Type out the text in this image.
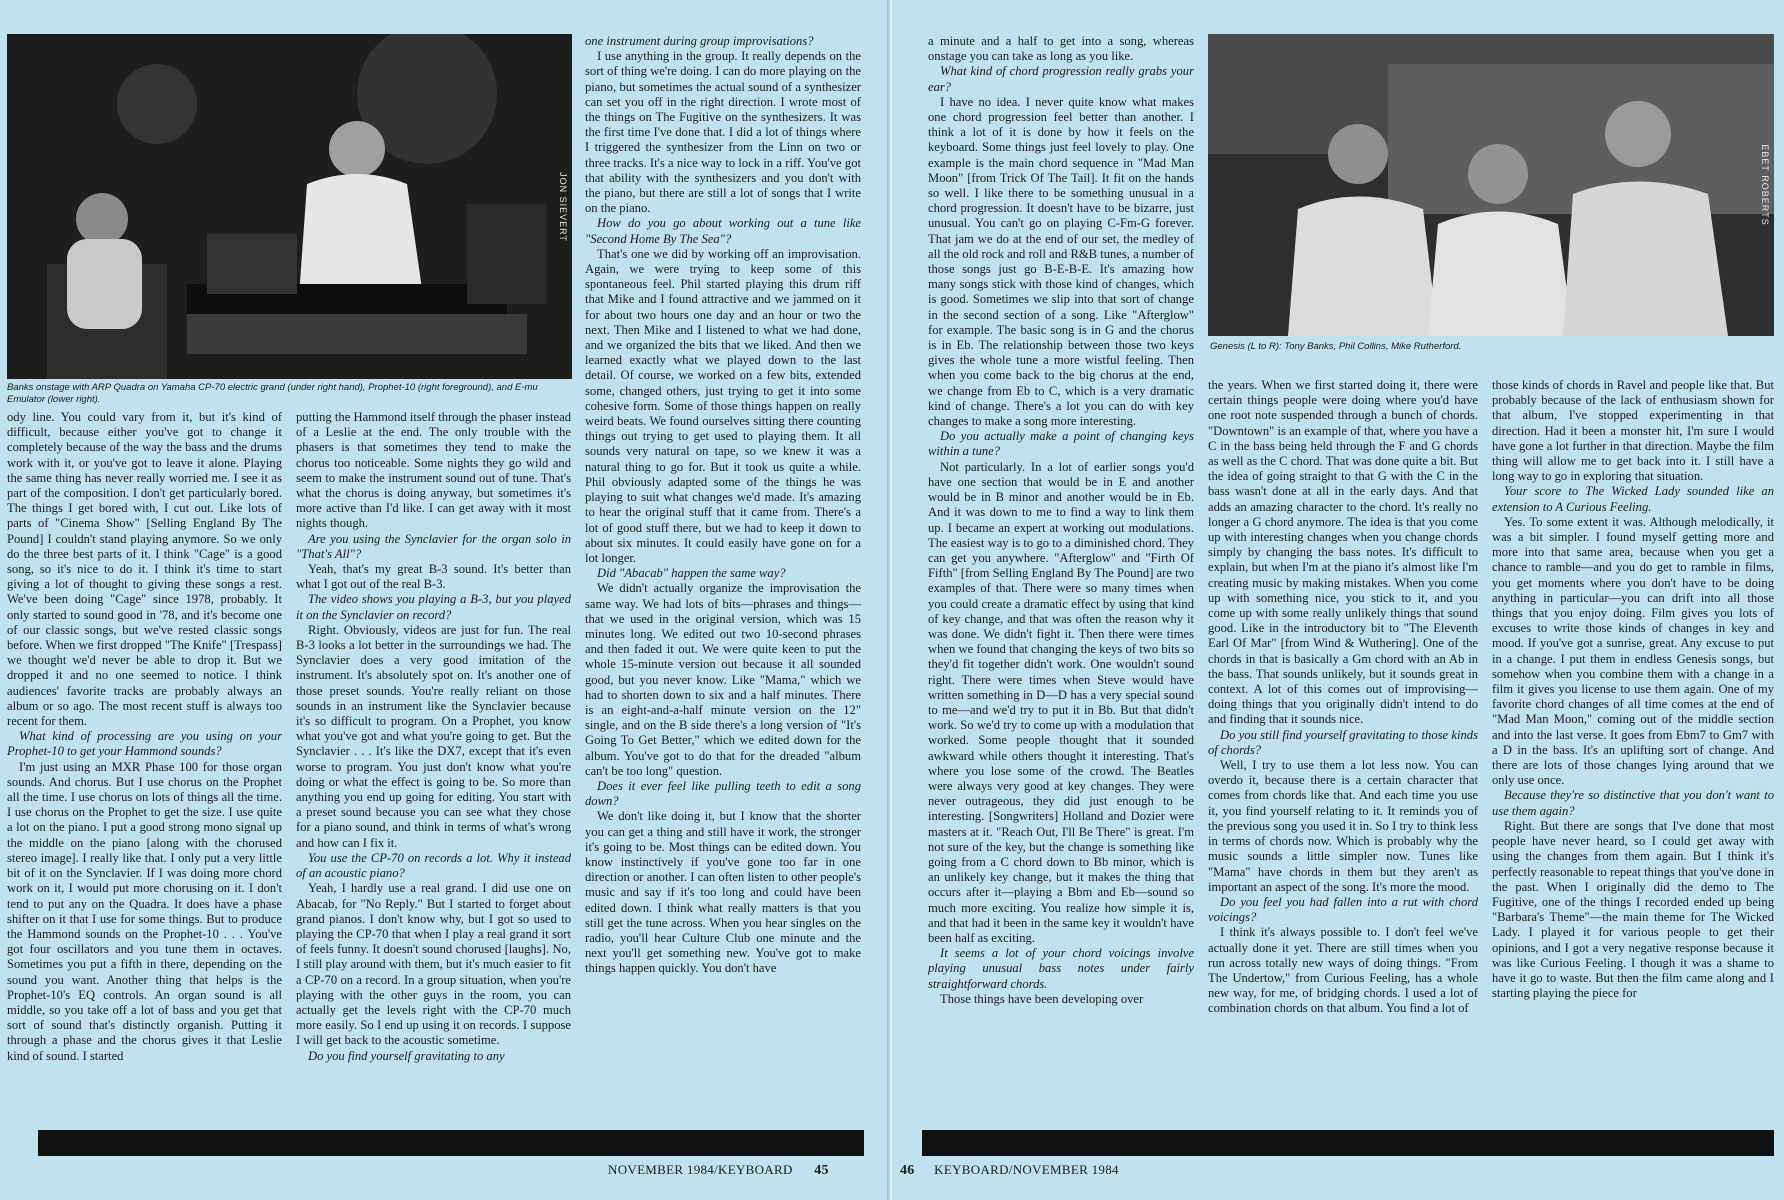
JON SIEVERT
Banks onstage with ARP Quadra on Yamaha CP-70 electric grand (under right hand), Prophet-10 (right foreground), and E-mu Emulator (lower right).

ody line. You could vary from it, but it's kind of difficult, because either you've got to change it completely because of the way the bass and the drums work with it, or you've got to leave it alone. Playing the same thing has never really worried me. I see it as part of the composition. I don't get particularly bored. The things I get bored with, I cut out. Like lots of parts of "Cinema Show" [Selling England By The Pound] I couldn't stand playing anymore. So we only do the three best parts of it. I think "Cage" is a good song, so it's nice to do it. I think it's time to start giving a lot of thought to giving these songs a rest. We've been doing "Cage" since 1978, probably. It only started to sound good in '78, and it's become one of our classic songs, but we've rested classic songs before. When we first dropped "The Knife" [Trespass] we thought we'd never be able to drop it. But we dropped it and no one seemed to notice. I think audiences' favorite tracks are probably always an album or so ago. The most recent stuff is always too recent for them.

What kind of processing are you using on your Prophet-10 to get your Hammond sounds?

I'm just using an MXR Phase 100 for those organ sounds. And chorus. But I use chorus on the Prophet all the time. I use chorus on lots of things all the time. I use chorus on the Prophet to get the size. I use quite a lot on the piano. I put a good strong mono signal up the middle on the piano [along with the chorused stereo image]. I really like that. I only put a very little bit of it on the Synclavier. If I was doing more chord work on it, I would put more chorusing on it. I don't tend to put any on the Quadra. It does have a phase shifter on it that I use for some things. But to produce the Hammond sounds on the Prophet-10 . . . You've got four oscillators and you tune them in octaves. Sometimes you put a fifth in there, depending on the sound you want. Another thing that helps is the Prophet-10's EQ controls. An organ sound is all middle, so you take off a lot of bass and you get that sort of sound that's distinctly organish. Putting it through a phase and the chorus gives it that Leslie kind of sound. I started

putting the Hammond itself through the phaser instead of a Leslie at the end. The only trouble with the phasers is that sometimes they tend to make the chorus too noticeable. Some nights they go wild and seem to make the instrument sound out of tune. That's what the chorus is doing anyway, but sometimes it's more active than I'd like. I can get away with it most nights though.

Are you using the Synclavier for the organ solo in "That's All"?

Yeah, that's my great B-3 sound. It's better than what I got out of the real B-3.

The video shows you playing a B-3, but you played it on the Synclavier on record?

Right. Obviously, videos are just for fun. The real B-3 looks a lot better in the surroundings we had. The Synclavier does a very good imitation of the instrument. It's absolutely spot on. It's another one of those preset sounds. You're really reliant on those sounds in an instrument like the Synclavier because it's so difficult to program. On a Prophet, you know what you've got and what you're going to get. But the Synclavier . . . It's like the DX7, except that it's even worse to program. You just don't know what you're doing or what the effect is going to be. So more than anything you end up going for editing. You start with a preset sound because you can see what they chose for a piano sound, and think in terms of what's wrong and how can I fix it.

You use the CP-70 on records a lot. Why it instead of an acoustic piano?

Yeah, I hardly use a real grand. I did use one on Abacab, for "No Reply." But I started to forget about grand pianos. I don't know why, but I got so used to playing the CP-70 that when I play a real grand it sort of feels funny. It doesn't sound chorused [laughs]. No, I still play around with them, but it's much easier to fit a CP-70 on a record. In a group situation, when you're playing with the other guys in the room, you can actually get the levels right with the CP-70 much more easily. So I end up using it on records. I suppose I will get back to the acoustic sometime.

Do you find yourself gravitating to any

one instrument during group improvisations?

I use anything in the group. It really depends on the sort of thing we're doing. I can do more playing on the piano, but sometimes the actual sound of a synthesizer can set you off in the right direction. I wrote most of the things on The Fugitive on the synthesizers. It was the first time I've done that. I did a lot of things where I triggered the synthesizer from the Linn on two or three tracks. It's a nice way to lock in a riff. You've got that ability with the synthesizers and you don't with the piano, but there are still a lot of songs that I write on the piano.

How do you go about working out a tune like "Second Home By The Sea"?

That's one we did by working off an improvisation. Again, we were trying to keep some of this spontaneous feel. Phil started playing this drum riff that Mike and I found attractive and we jammed on it for about two hours one day and an hour or two the next. Then Mike and I listened to what we had done, and we organized the bits that we liked. And then we learned exactly what we played down to the last detail. Of course, we worked on a few bits, extended some, changed others, just trying to get it into some cohesive form. Some of those things happen on really weird beats. We found ourselves sitting there counting things out trying to get used to playing them. It all sounds very natural on tape, so we knew it was a natural thing to go for. But it took us quite a while. Phil obviously adapted some of the things he was playing to suit what changes we'd made. It's amazing to hear the original stuff that it came from. There's a lot of good stuff there, but we had to keep it down to about six minutes. It could easily have gone on for a lot longer.

Did "Abacab" happen the same way?

We didn't actually organize the improvisation the same way. We had lots of bits—phrases and things—that we used in the original version, which was 15 minutes long. We edited out two 10-second phrases and then faded it out. We were quite keen to put the whole 15-minute version out because it all sounded good, but you never know. Like "Mama," which we had to shorten down to six and a half minutes. There is an eight-and-a-half minute version on the 12" single, and on the B side there's a long version of "It's Going To Get Better," which we edited down for the album. You've got to do that for the dreaded "album can't be too long" question.

Does it ever feel like pulling teeth to edit a song down?

We don't like doing it, but I know that the shorter you can get a thing and still have it work, the stronger it's going to be. Most things can be edited down. You know instinctively if you've gone too far in one direction or another. I can often listen to other people's music and say if it's too long and could have been edited down. I think what really matters is that you still get the tune across. When you hear singles on the radio, you'll hear Culture Club one minute and the next you'll get something new. You've got to make things happen quickly. You don't have

NOVEMBER 1984/KEYBOARD 45

a minute and a half to get into a song, whereas onstage you can take as long as you like.

What kind of chord progression really grabs your ear?

I have no idea. I never quite know what makes one chord progression feel better than another. I think a lot of it is done by how it feels on the keyboard. Some things just feel lovely to play. One example is the main chord sequence in "Mad Man Moon" [from Trick Of The Tail]. It fit on the hands so well. I like there to be something unusual in a chord progression. It doesn't have to be bizarre, just unusual. You can't go on playing C-Fm-G forever. That jam we do at the end of our set, the medley of all the old rock and roll and R&B tunes, a number of those songs just go B-E-B-E. It's amazing how many songs stick with those kind of changes, which is good. Sometimes we slip into that sort of change in the second section of a song. Like "Afterglow" for example. The basic song is in G and the chorus is in Eb. The relationship between those two keys gives the whole tune a more wistful feeling. Then when you come back to the big chorus at the end, we change from Eb to C, which is a very dramatic kind of change. There's a lot you can do with key changes to make a song more interesting.

Do you actually make a point of changing keys within a tune?

Not particularly. In a lot of earlier songs you'd have one section that would be in E and another would be in B minor and another would be in Eb. And it was down to me to find a way to link them up. I became an expert at working out modulations. The easiest way is to go to a diminished chord. They can get you anywhere. "Afterglow" and "Firth Of Fifth" [from Selling England By The Pound] are two examples of that. There were so many times when you could create a dramatic effect by using that kind of key change, and that was often the reason why it was done. We didn't fight it. Then there were times when we found that changing the keys of two bits so they'd fit together didn't work. One wouldn't sound right. There were times when Steve would have written something in D—D has a very special sound to me—and we'd try to put it in Bb. But that didn't work. So we'd try to come up with a modulation that worked. Some people thought that it sounded awkward while others thought it interesting. That's where you lose some of the crowd. The Beatles were always very good at key changes. They were never outrageous, they did just enough to be interesting. [Songwriters] Holland and Dozier were masters at it. "Reach Out, I'll Be There" is great. I'm not sure of the key, but the change is something like going from a C chord down to Bb minor, which is an unlikely key change, but it makes the thing that occurs after it—playing a Bbm and Eb—sound so much more exciting. You realize how simple it is, and that had it been in the same key it wouldn't have been half as exciting.

It seems a lot of your chord voicings involve playing unusual bass notes under fairly straightforward chords.

Those things have been developing over

EBET ROBERTS
Genesis (L to R): Tony Banks, Phil Collins, Mike Rutherford.

the years. When we first started doing it, there were certain things people were doing where you'd have one root note suspended through a bunch of chords. "Downtown" is an example of that, where you have a C in the bass being held through the F and G chords as well as the C chord. That was done quite a bit. But the idea of going straight to that G with the C in the bass wasn't done at all in the early days. And that adds an amazing character to the chord. It's really no longer a G chord anymore. The idea is that you come up with interesting changes when you change chords simply by changing the bass notes. It's difficult to explain, but when I'm at the piano it's almost like I'm creating music by making mistakes. When you come up with something nice, you stick to it, and you come up with some really unlikely things that sound good. Like in the introductory bit to "The Eleventh Earl Of Mar" [from Wind & Wuthering]. One of the chords in that is basically a Gm chord with an Ab in the bass. That sounds unlikely, but it sounds great in context. A lot of this comes out of improvising—doing things that you originally didn't intend to do and finding that it sounds nice.

Do you still find yourself gravitating to those kinds of chords?

Well, I try to use them a lot less now. You can overdo it, because there is a certain character that comes from chords like that. And each time you use it, you find yourself relating to it. It reminds you of the previous song you used it in. So I try to think less in terms of chords now. Which is probably why the music sounds a little simpler now. Tunes like "Mama" have chords in them but they aren't as important an aspect of the song. It's more the mood.

Do you feel you had fallen into a rut with chord voicings?

I think it's always possible to. I don't feel we've actually done it yet. There are still times when you run across totally new ways of doing things. "From The Undertow," from Curious Feeling, has a whole new way, for me, of bridging chords. I used a lot of combination chords on that album. You find a lot of

those kinds of chords in Ravel and people like that. But probably because of the lack of enthusiasm shown for that album, I've stopped experimenting in that direction. Had it been a monster hit, I'm sure I would have gone a lot further in that direction. Maybe the film thing will allow me to get back into it. I still have a long way to go in exploring that situation.

Your score to The Wicked Lady sounded like an extension to A Curious Feeling.

Yes. To some extent it was. Although melodically, it was a bit simpler. I found myself getting more and more into that same area, because when you get a chance to ramble—and you do get to ramble in films, you get moments where you don't have to be doing anything in particular—you can drift into all those things that you enjoy doing. Film gives you lots of excuses to write those kinds of changes in key and mood. If you've got a sunrise, great. Any excuse to put in a change. I put them in endless Genesis songs, but somehow when you combine them with a change in a film it gives you license to use them again. One of my favorite chord changes of all time comes at the end of "Mad Man Moon," coming out of the middle section and into the last verse. It goes from Ebm7 to Gm7 with a D in the bass. It's an uplifting sort of change. And there are lots of those changes lying around that we only use once.

Because they're so distinctive that you don't want to use them again?

Right. But there are songs that I've done that most people have never heard, so I could get away with using the changes from them again. But I think it's perfectly reasonable to repeat things that you've done in the past. When I originally did the demo to The Fugitive, one of the things I recorded ended up being "Barbara's Theme"—the main theme for The Wicked Lady. I played it for various people to get their opinions, and I got a very negative response because it was like Curious Feeling. I though it was a shame to have it go to waste. But then the film came along and I starting playing the piece for

46 KEYBOARD/NOVEMBER 1984
